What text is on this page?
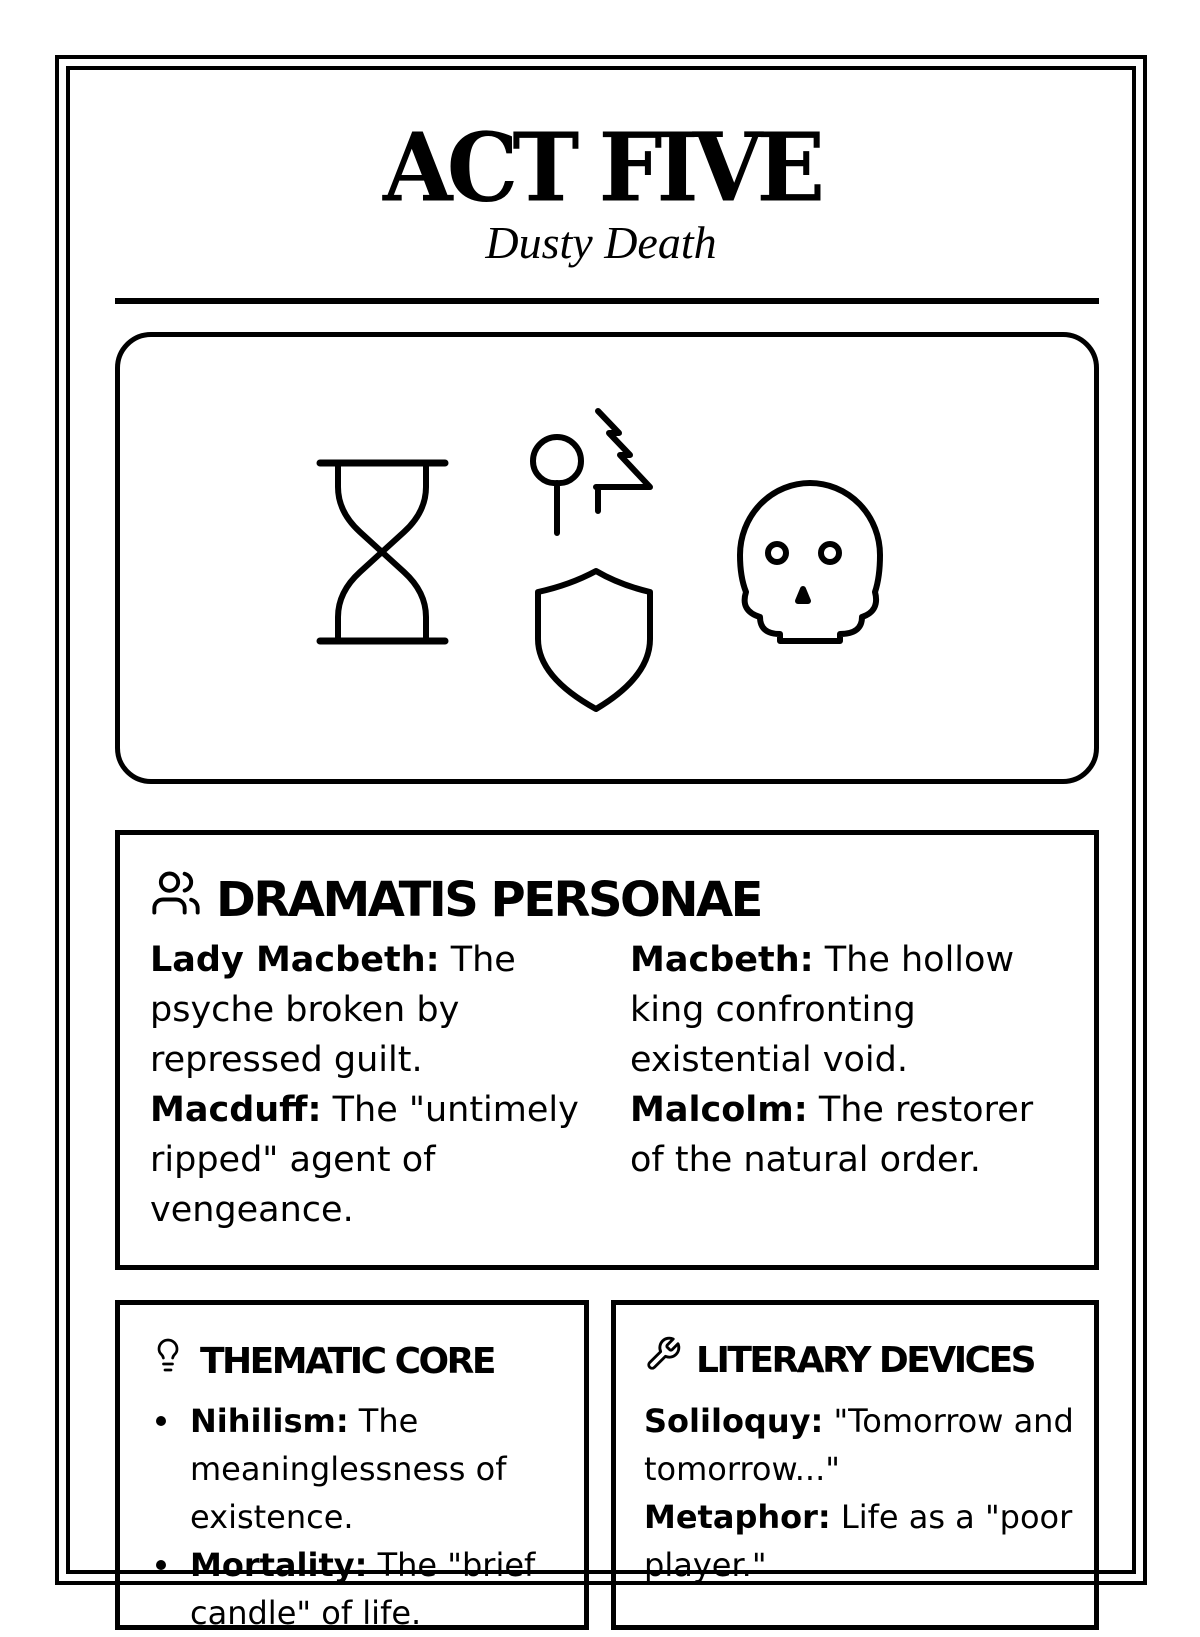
ACT FIVE
Dusty Death
DRAMATIS PERSONAE

Lady Macbeth: The psyche broken by repressed guilt.

Macduff: The "untimely ripped" agent of vengeance.

Macbeth: The hollow king confronting existential void.

Malcolm: The restorer of the natural order.

THEMATIC CORE
Nihilism: The meaninglessness of existence.
Mortality: The "brief candle" of life.
LITERARY DEVICES

Soliloquy: "Tomorrow and tomorrow..."

Metaphor: Life as a "poor player."
